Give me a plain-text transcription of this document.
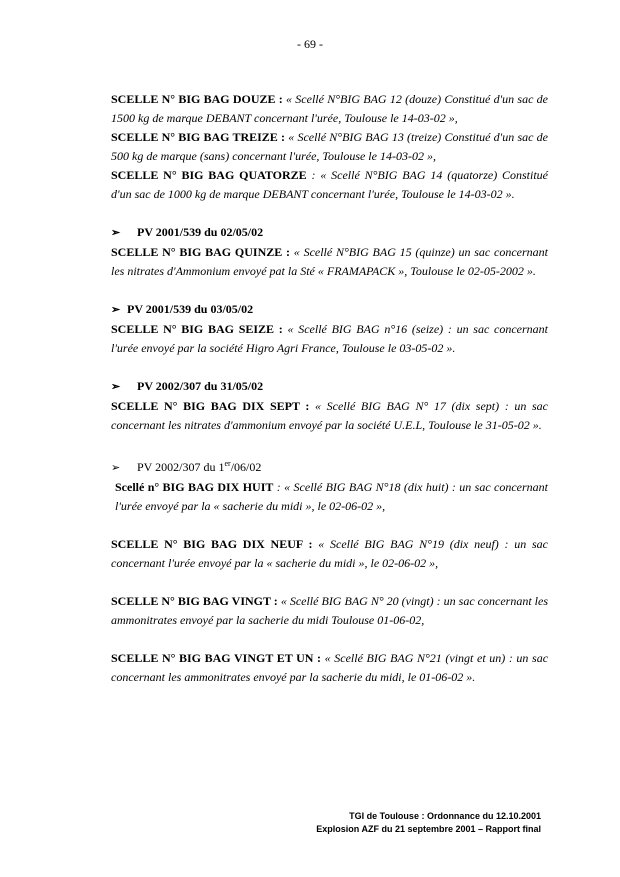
- 69 -
SCELLE N° BIG BAG DOUZE : « Scellé N°BIG BAG 12 (douze) Constitué d'un sac de 1500 kg de marque DEBANT concernant l'urée, Toulouse le 14-03-02 »,
SCELLE N° BIG BAG TREIZE : « Scellé N°BIG BAG 13 (treize) Constitué d'un sac de 500 kg de marque (sans) concernant l'urée, Toulouse le 14-03-02 »,
SCELLE N° BIG BAG QUATORZE : « Scellé N°BIG BAG 14 (quatorze) Constitué d'un sac de 1000 kg de marque DEBANT concernant l'urée, Toulouse le 14-03-02 ».
➢ PV 2001/539 du 02/05/02
SCELLE N° BIG BAG QUINZE : « Scellé N°BIG BAG 15 (quinze) un sac concernant les nitrates d'Ammonium envoyé pat la Sté « FRAMAPACK », Toulouse le 02-05-2002 ».
➢ PV 2001/539 du 03/05/02
SCELLE N° BIG BAG SEIZE : « Scellé BIG BAG n°16 (seize) : un sac concernant l'urée envoyé par la société Higro Agri France, Toulouse le 03-05-02 ».
➢ PV 2002/307 du 31/05/02
SCELLE N° BIG BAG DIX SEPT : « Scellé BIG BAG N° 17 (dix sept) : un sac concernant les nitrates d'ammonium envoyé par la société U.E.L, Toulouse le 31-05-02 ».
➢ PV 2002/307 du 1er/06/02
Scellé n° BIG BAG DIX HUIT : « Scellé BIG BAG N°18 (dix huit) : un sac concernant l'urée envoyé par la « sacherie du midi », le 02-06-02 »,
SCELLE N° BIG BAG DIX NEUF : « Scellé BIG BAG N°19 (dix neuf) : un sac concernant l'urée envoyé par la « sacherie du midi », le 02-06-02 »,
SCELLE N° BIG BAG VINGT : « Scellé BIG BAG N° 20 (vingt) : un sac concernant les ammonitrates envoyé par la sacherie du midi Toulouse 01-06-02,
SCELLE N° BIG BAG VINGT ET UN : « Scellé BIG BAG N°21 (vingt et un) : un sac concernant les ammonitrates envoyé par la sacherie du midi, le 01-06-02 ».
TGI de Toulouse : Ordonnance du 12.10.2001
Explosion AZF du 21 septembre 2001 – Rapport final
